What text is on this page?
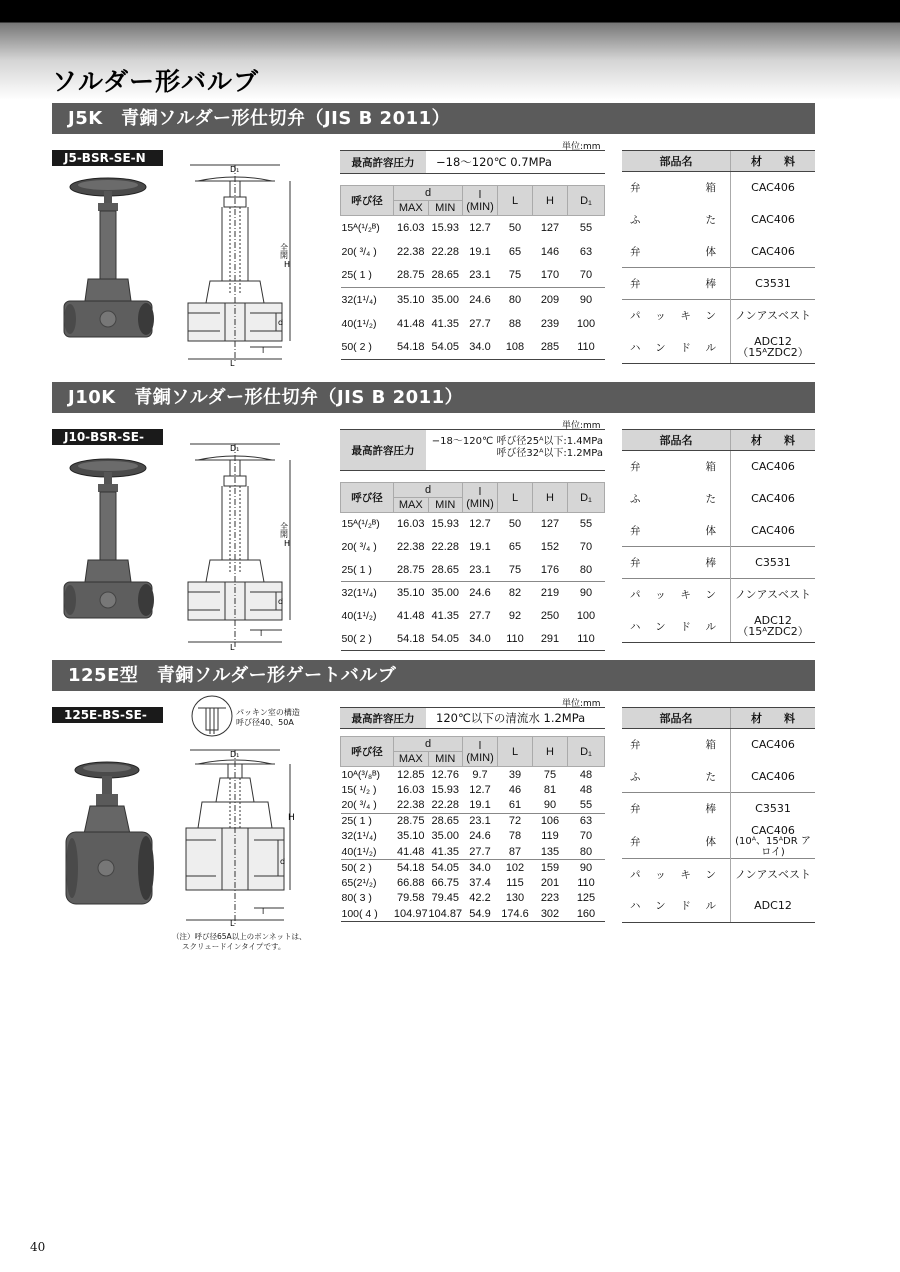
ソルダー形バルブ
J5K　青銅ソルダー形仕切弁（JIS B 2011）
J5-BSR-SE-N
D₁
全開
H
d
l
L
単位:mm
最高許容圧力	−18～120℃ 0.7MPa
呼び径	d		l
(MIN)	L	H	D₁
	MAX	MIN				
15ᴬ(¹/₂ᴮ)	16.03	15.93	12.7	50	127	55
20( ³/₄ )	22.38	22.28	19.1	65	146	63
25( 1 )	28.75	28.65	23.1	75	170	70
32(1¹/₄)	35.10	35.00	24.6	80	209	90
40(1¹/₂)	41.48	41.35	27.7	88	239	100
50( 2 )	54.18	54.05	34.0	108	285	110
部品名	材　　料
弁箱	CAC406

ふた	CAC406

弁体	CAC406

弁棒	C3531

パッキン	ノンアスベスト

ハンドル	ADC12（15ᴬZDC2）
J10K　青銅ソルダー形仕切弁（JIS B 2011）
J10-BSR-SE-N	D₁
全開
H
d
l
L
単位:mm
最高許容圧力
−18～120℃ 呼び径25ᴬ以下:1.4MPa
呼び径32ᴬ以下:1.2MPa
呼び径	d		l
(MIN)	L	H	D₁
	MAX	MIN				
15ᴬ(¹/₂ᴮ)	16.03	15.93	12.7	50	127	55
20( ³/₄ )	22.38	22.28	19.1	65	152	70
25( 1 )	28.75	28.65	23.1	75	176	80
32(1¹/₄)	35.10	35.00	24.6	82	219	90
40(1¹/₂)	41.48	41.35	27.7	92	250	100
50( 2 )	54.18	54.05	34.0	110	291	110
部品名	材　　料
弁箱	CAC406

ふた	CAC406

弁体	CAC406

弁棒	C3531

パッキン	ノンアスベスト

ハンドル	ADC12（15ᴬZDC2）
125E型　青銅ソルダー形ゲートバルブ
125E-BS-SE-N
パッキン室の構造
呼び径40、50A
D₁
H
d
l
L
単位:mm
最高許容圧力	120℃以下の清流水 1.2MPa
呼び径	d		l
(MIN)	L	H	D₁
	MAX	MIN				
10ᴬ(³/₈ᴮ)	12.85	12.76	9.7	39	75	48
15( ¹/₂ )	16.03	15.93	12.7	46	81	48
20( ³/₄ )	22.38	22.28	19.1	61	90	55
25( 1 )	28.75	28.65	23.1	72	106	63
32(1¹/₄)	35.10	35.00	24.6	78	119	70
40(1¹/₂)	41.48	41.35	27.7	87	135	80
50( 2 )	54.18	54.05	34.0	102	159	90
65(2¹/₂)	66.88	66.75	37.4	115	201	110
80( 3 )	79.58	79.45	42.2	130	223	125
100( 4 )	104.97	104.87	54.9	174.6	302	160
部品名	材　　料
弁箱	CAC406

ふた	CAC406

弁棒	C3531

弁体	CAC406
(10ᴬ、15ᴬDR アロイ)

パッキン	ノンアスベスト

ハンドル	ADC12
（注）呼び径65A以上のボンネットは、
スクリュードインタイプです。
40
